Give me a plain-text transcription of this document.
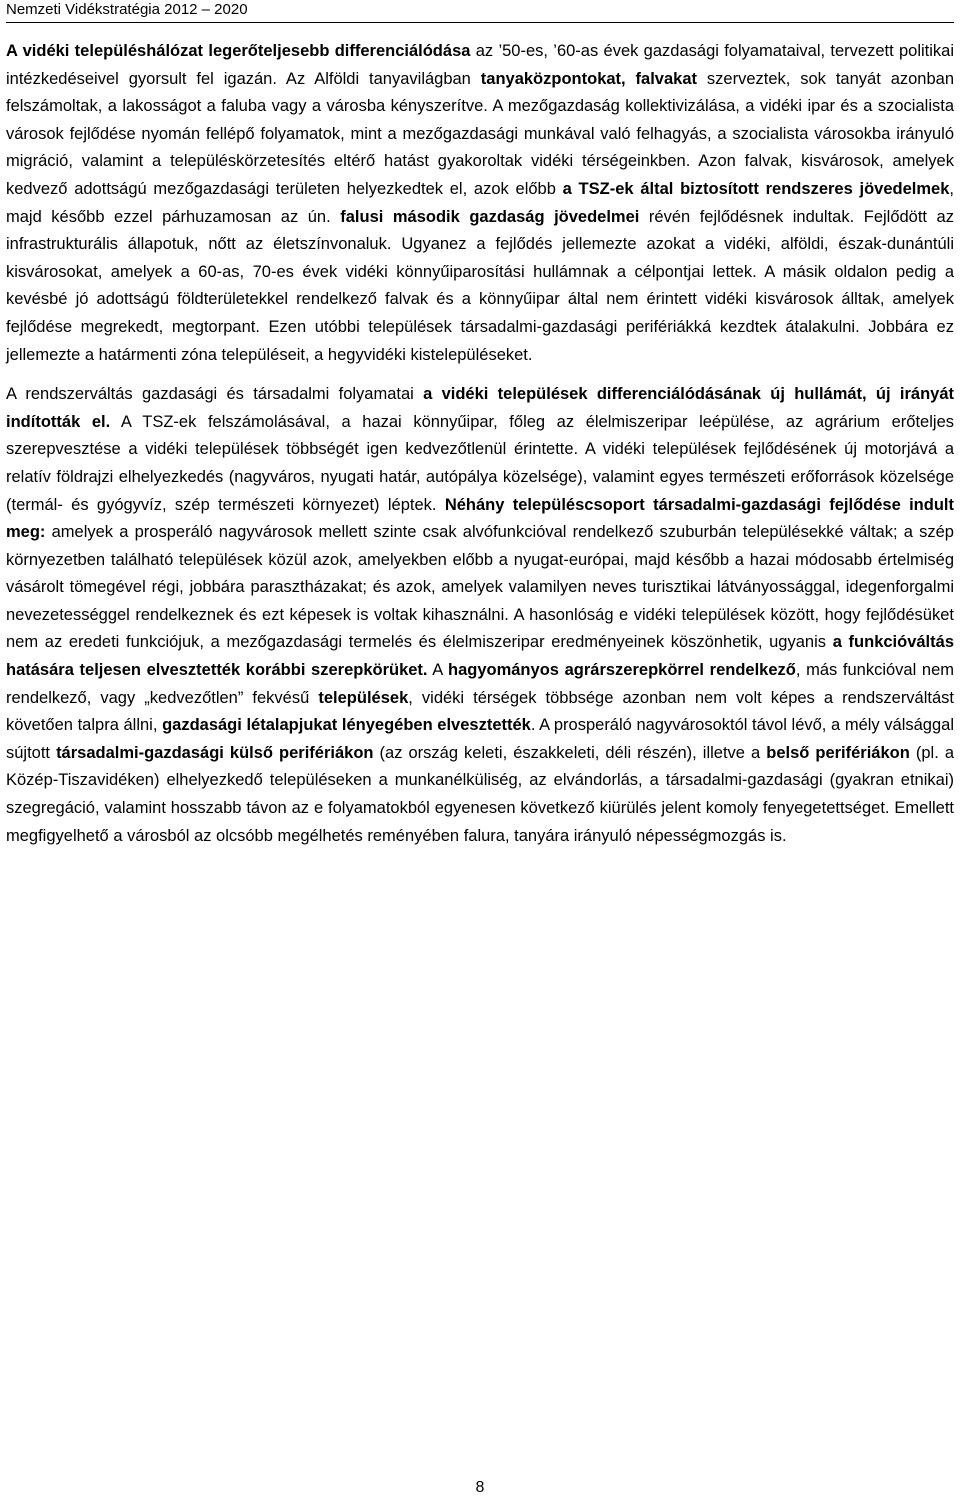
Nemzeti Vidékstratégia 2012 – 2020

A vidéki településhálózat legerőteljesebb differenciálódása az ’50-es, ’60-as évek gazdasági folyamataival, tervezett politikai intézkedéseivel gyorsult fel igazán. Az Alföldi tanyavilágban tanyaközpontokat, falvakat szerveztek, sok tanyát azonban felszámoltak, a lakosságot a faluba vagy a városba kényszerítve. A mezőgazdaság kollektivizálása, a vidéki ipar és a szocialista városok fejlődése nyomán fellépő folyamatok, mint a mezőgazdasági munkával való felhagyás, a szocialista városokba irányuló migráció, valamint a településkörzetesítés eltérő hatást gyakoroltak vidéki térségeinkben. Azon falvak, kisvárosok, amelyek kedvező adottságú mezőgazdasági területen helyezkedtek el, azok előbb a TSZ-ek által biztosított rendszeres jövedelmek, majd később ezzel párhuzamosan az ún. falusi második gazdaság jövedelmei révén fejlődésnek indultak. Fejlődött az infrastrukturális állapotuk, nőtt az életszínvonaluk. Ugyanez a fejlődés jellemezte azokat a vidéki, alföldi, észak-dunántúli kisvárosokat, amelyek a 60-as, 70-es évek vidéki könnyűiparosítási hullámnak a célpontjai lettek. A másik oldalon pedig a kevésbé jó adottságú földterületekkel rendelkező falvak és a könnyűipar által nem érintett vidéki kisvárosok álltak, amelyek fejlődése megrekedt, megtorpant. Ezen utóbbi települések társadalmi-gazdasági perifériákká kezdtek átalakulni. Jobbára ez jellemezte a határmenti zóna településeit, a hegyvidéki kistelepüléseket.

A rendszerváltás gazdasági és társadalmi folyamatai a vidéki települések differenciálódásának új hullámát, új irányát indították el. A TSZ-ek felszámolásával, a hazai könnyűipar, főleg az élelmiszeripar leépülése, az agrárium erőteljes szerepvesztése a vidéki települések többségét igen kedvezőtlenül érintette. A vidéki települések fejlődésének új motorjává a relatív földrajzi elhelyezkedés (nagyváros, nyugati határ, autópálya közelsége), valamint egyes természeti erőforrások közelsége (termál- és gyógyvíz, szép természeti környezet) léptek. Néhány településcsoport társadalmi-gazdasági fejlődése indult meg: amelyek a prosperáló nagyvárosok mellett szinte csak alvófunkcióval rendelkező szuburbán településekké váltak; a szép környezetben található települések közül azok, amelyekben előbb a nyugat-európai, majd később a hazai módosabb értelmiség vásárolt tömegével régi, jobbára parasztházakat; és azok, amelyek valamilyen neves turisztikai látványossággal, idegenforgalmi nevezetességgel rendelkeznek és ezt képesek is voltak kihasználni. A hasonlóság e vidéki települések között, hogy fejlődésüket nem az eredeti funkciójuk, a mezőgazdasági termelés és élelmiszeripar eredményeinek köszönhetik, ugyanis a funkcióváltás hatására teljesen elvesztették korábbi szerepkörüket. A hagyományos agrárszerepkörrel rendelkező, más funkcióval nem rendelkező, vagy „kedvezőtlen” fekvésű települések, vidéki térségek többsége azonban nem volt képes a rendszerváltást követően talpra állni, gazdasági létalapjukat lényegében elvesztették. A prosperáló nagyvárosoktól távol lévő, a mély válsággal sújtott társadalmi-gazdasági külső perifériákon (az ország keleti, északkeleti, déli részén), illetve a belső perifériákon (pl. a Közép-Tiszavidéken) elhelyezkedő településeken a munkanélküliség, az elvándorlás, a társadalmi-gazdasági (gyakran etnikai) szegregáció, valamint hosszabb távon az e folyamatokból egyenesen következő kiürülés jelent komoly fenyegetettséget. Emellett megfigyelhető a városból az olcsóbb megélhetés reményében falura, tanyára irányuló népességmozgás is.

8
